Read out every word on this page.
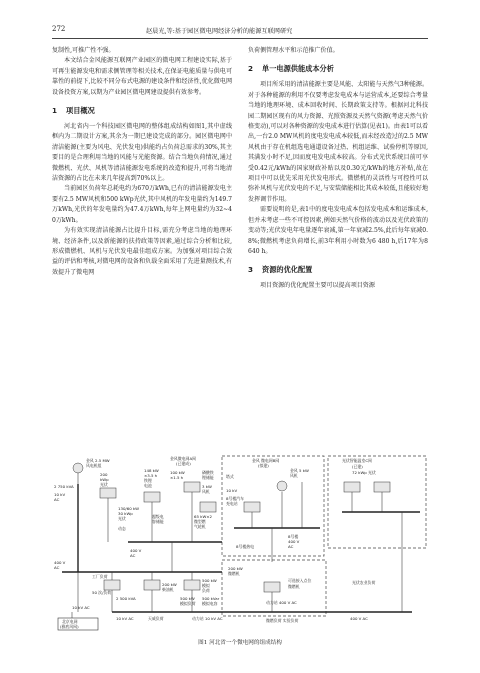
272	赵晨光,等:基于园区微电网经济分析的能源互联网研究

复制性,可推广性不强。

本文结合金风能源互联网产业园区的微电网工程建设实际,基于可再生能源发电和需求侧管理等相关技术,在保证电能质量与供电可靠性的前提下,比较不同分布式电源的建设条件和经济性,优化微电网设备投资方案,以期为产业园区微电网建设提供有效参考。

1 项目概况

河北省内一个科技园区微电网的整体组成结构如图1,其中虚线框内为二期设计方案,其余为一期已建设完成的部分。园区微电网中清洁能源(主要为风电、光伏发电)供能约占负荷总需求的30%,其主要目的是合理利用当地的风能与光能资源。结合当地负荷情况,通过微燃机、光伏、风机等清洁能源发电系统的改造和提升,可将当地清洁资源的占比在未来几年提高到70%以上。

当前园区负荷年总耗电约为670万kWh,已有的清洁能源发电主要有2.5 MW风机和500 kWp光伏,其中风机的年发电量约为149.7万kWh,光伏的年发电量约为47.4万kWh,每年上网电量约为32~40万kWh。

为有效实现清洁能源占比提升目标,需充分考虑当地的地理环境、经济条件,以及新能源的扶持政策等因素,通过综合分析和比较,形成微燃机、风机与光伏发电最佳组成方案。为加强对项目综合效益的评估和考核,对微电网的设备和负载全面采用了先进量测技术,有效提升了微电网

负荷侧管理水平和示范推广价值。

2 单一电源供能成本分析

项目所采用的清洁能源主要是风能、太阳能与天然气3种能源。对于各种能源的利用不仅要考虑发电成本与运营成本,还要综合考量当地的地理环境、成本回收时间、长期政策支持等。根据河北科技园二期园区现有的风力资源、光照资源及天然气资源(考虑天然气价格变动),可以对各种资源的发电成本进行估算(见表1)。由表1可以看出,一台2.0 MW风机的度电发电成本较低,而未经改造过的2.5 MW风机由于存在机组选电通道设备过热、机组运维、试验停机等原因,其满发小时不足,因而度电发电成本较高。分布式光伏系统目前可享受0.42元/kWh的国家财政补贴以及0.30元/kWh的地方补贴,故在项目中可以优先采用光伏发电形式。微燃机的灵活性与可控性可以弥补风机与光伏发电的不足,与安装储能相比其成本较低,且能较好地发挥调节作用。

需要说明的是,表1中的度电发电成本包括发电成本和运维成本,但并未考虑一些不可控因素,例如天然气价格的波动以及光伏政策的变动等;光伏发电年电量逐年衰减,第一年衰减2.5%,此后每年衰减0.8%;微燃机考虑负荷增长,前3年利用小时数为6 480 h,后17年为8 640 h。

3 资源的优化配置

项目资源的优化配置主要可以提高项目资源

金风 2.5 MW
风电机组
2 750 kVA
10 kV
AC
200
kWp
光伏
400 V
AC
148 kW
×3.5 h
铁锂
电池
130/60 kW
30 kWp
光伏
动态
400 V
AC
金风微电网A网
(已建成)
100 kW
×1.5 h
磷酸铁
锂储能
65 kW×2
微型燃
气轮机
3 kW
风机
超级电
容储能
金风 5 kW
风机
金风 微电网B网
(拟建)
塔式
10 kV
8号楼汽车
充电站
8号楼
400 V
AC
8号楼热电
光伏智能温室C网
(已建)
72 kWp 光伏
200 kW
微燃机
工厂负荷
50 次/负荷
2 500 kVA
200 kW
柴油机
500 kW
模拟
负荷
500 kW
模拟负荷
500 kVar
模拟电容
10 kV AC
10 kV AC	动力站 10 kV AC
天威负荷
北京电网
(雅底风网)
可选接入点位
微燃机
动力站 400 V AC
微燃负荷 实验负荷	400 V AC
光伏农业负荷
图1 河北省一个微电网的组成结构
